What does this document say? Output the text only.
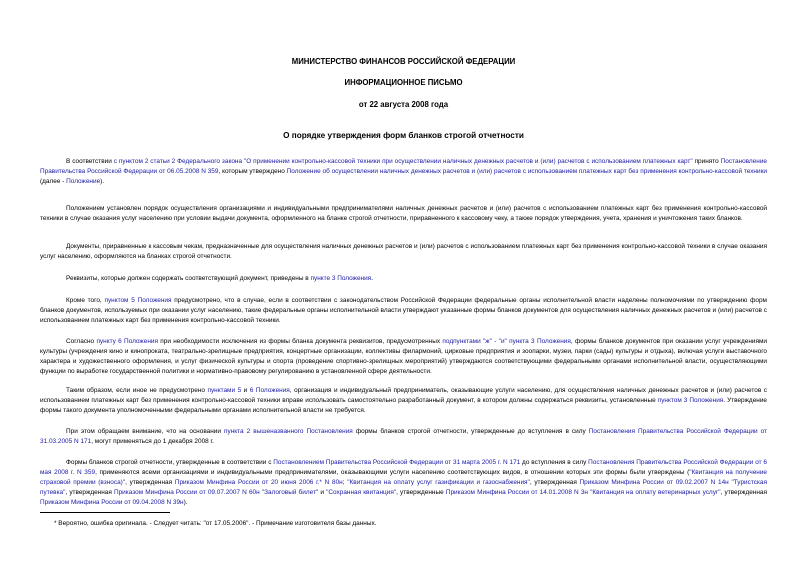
МИНИСТЕРСТВО ФИНАНСОВ РОССИЙСКОЙ ФЕДЕРАЦИИ
ИНФОРМАЦИОННОЕ ПИСЬМО
от 22 августа 2008 года
О порядке утверждения форм бланков строгой отчетности
В соответствии с пунктом 2 статьи 2 Федерального закона "О применении контрольно-кассовой техники при осуществлении наличных денежных расчетов и (или) расчетов с использованием платежных карт" принято Постановление Правительства Российской Федерации от 06.05.2008 N 359, которым утверждено Положение об осуществлении наличных денежных расчетов и (или) расчетов с использованием платежных карт без применения контрольно-кассовой техники (далее - Положение).
Положением установлен порядок осуществления организациями и индивидуальными предпринимателями наличных денежных расчетов и (или) расчетов с использованием платежных карт без применения контрольно-кассовой техники в случае оказания услуг населению при условии выдачи документа, оформленного на бланке строгой отчетности, приравненного к кассовому чеку, а также порядок утверждения, учета, хранения и уничтожения таких бланков.
Документы, приравненные к кассовым чекам, предназначенные для осуществления наличных денежных расчетов и (или) расчетов с использованием платежных карт без применения контрольно-кассовой техники в случае оказания услуг населению, оформляются на бланках строгой отчетности.
Реквизиты, которые должен содержать соответствующий документ, приведены в пункте 3 Положения.
Кроме того, пунктом 5 Положения предусмотрено, что в случае, если в соответствии с законодательством Российской Федерации федеральные органы исполнительной власти наделены полномочиями по утверждению форм бланков документов, используемых при оказании услуг населению, такие федеральные органы исполнительной власти утверждают указанные формы бланков документов для осуществления наличных денежных расчетов и (или) расчетов с использованием платежных карт без применения контрольно-кассовой техники.
Согласно пункту 6 Положения при необходимости исключения из формы бланка документа реквизитов, предусмотренных подпунктами "ж" - "и" пункта 3 Положения, формы бланков документов при оказании услуг учреждениями культуры (учреждения кино и кинопроката, театрально-зрелищные предприятия, концертные организации, коллективы филармоний, цирковые предприятия и зоопарки, музеи, парки (сады) культуры и отдыха), включая услуги выставочного характера и художественного оформления, и услуг физической культуры и спорта (проведение спортивно-зрелищных мероприятий) утверждаются соответствующими федеральными органами исполнительной власти, осуществляющими функции по выработке государственной политики и нормативно-правовому регулированию в установленной сфере деятельности.
Таким образом, если иное не предусмотрено пунктами 5 и 6 Положения, организация и индивидуальный предприниматель, оказывающие услуги населению, для осуществления наличных денежных расчетов и (или) расчетов с использованием платежных карт без применения контрольно-кассовой техники вправе использовать самостоятельно разработанный документ, в котором должны содержаться реквизиты, установленные пунктом 3 Положения. Утверждение формы такого документа уполномоченными федеральными органами исполнительной власти не требуется.
При этом обращаем внимание, что на основании пункта 2 вышеназванного Постановления формы бланков строгой отчетности, утвержденные до вступления в силу Постановления Правительства Российской Федерации от 31.03.2005 N 171, могут применяться до 1 декабря 2008 г.
Формы бланков строгой отчетности, утвержденные в соответствии с Постановлением Правительства Российской Федерации от 31 марта 2005 г. N 171 до вступления в силу Постановления Правительства Российской Федерации от 6 мая 2008 г. N 359, применяются всеми организациями и индивидуальными предпринимателями, оказывающими услуги населению соответствующих видов, в отношении которых эти формы были утверждены ("Квитанция на получение страховой премии (взноса)", утвержденная Приказом Минфина России от 20 июня 2006 г.* N 80н; "Квитанция на оплату услуг газификации и газоснабжения", утвержденная Приказом Минфина России от 09.02.2007 N 14н "Туристская путевка", утвержденная Приказом Минфина России от 09.07.2007 N 60н "Залоговый билет" и "Сохранная квитанция", утвержденные Приказом Минфина России от 14.01.2008 N 3н "Квитанция на оплату ветеринарных услуг", утвержденная Приказом Минфина России от 09.04.2008 N 39н).
* Вероятно, ошибка оригинала. - Следует читать: "от 17.05.2006". - Примечание изготовителя базы данных.
